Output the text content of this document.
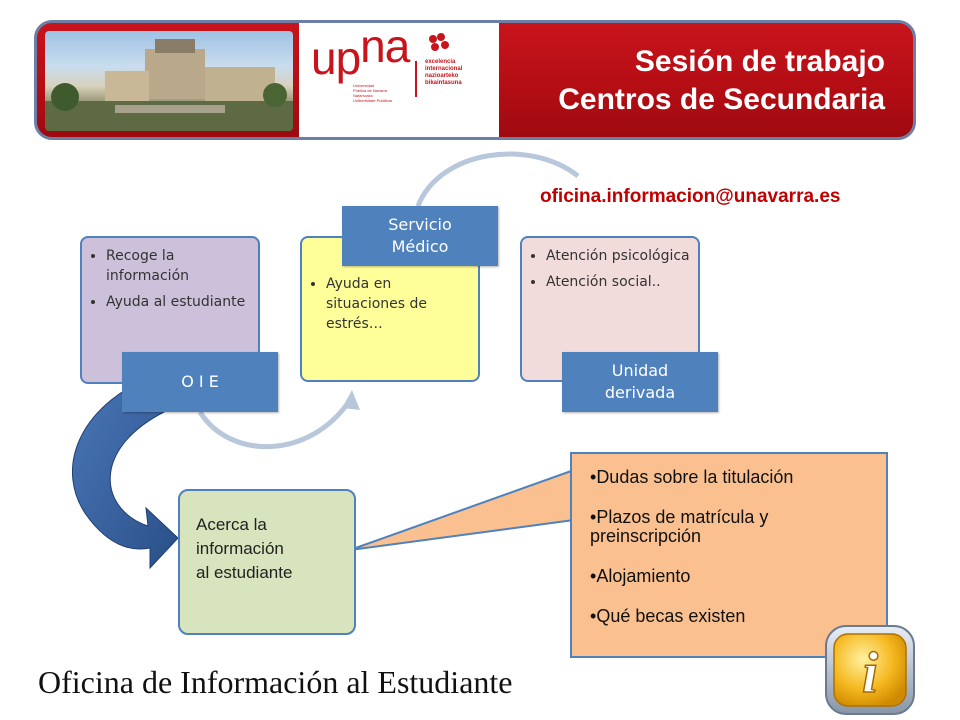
upna
Universidad
Pública de Navarra
Nafarroako
Unibertsitate Publikoa
excelencia
internacional
nazioarteko
bikaintasuna
Sesión de trabajo
Centros de Secundaria
oficina.informacion@unavarra.es
• Recoge la información
• Ayuda al estudiante
• Ayuda en situaciones de estrés…
• Atención psicológica
• Atención social..
O I E
Servicio
Médico
Unidad
derivada
Acerca la
información
al estudiante

• Dudas sobre la titulación

• Plazos de matrícula y preinscripción

• Alojamiento

• Qué becas existen

Oficina de Información al Estudiante	i
